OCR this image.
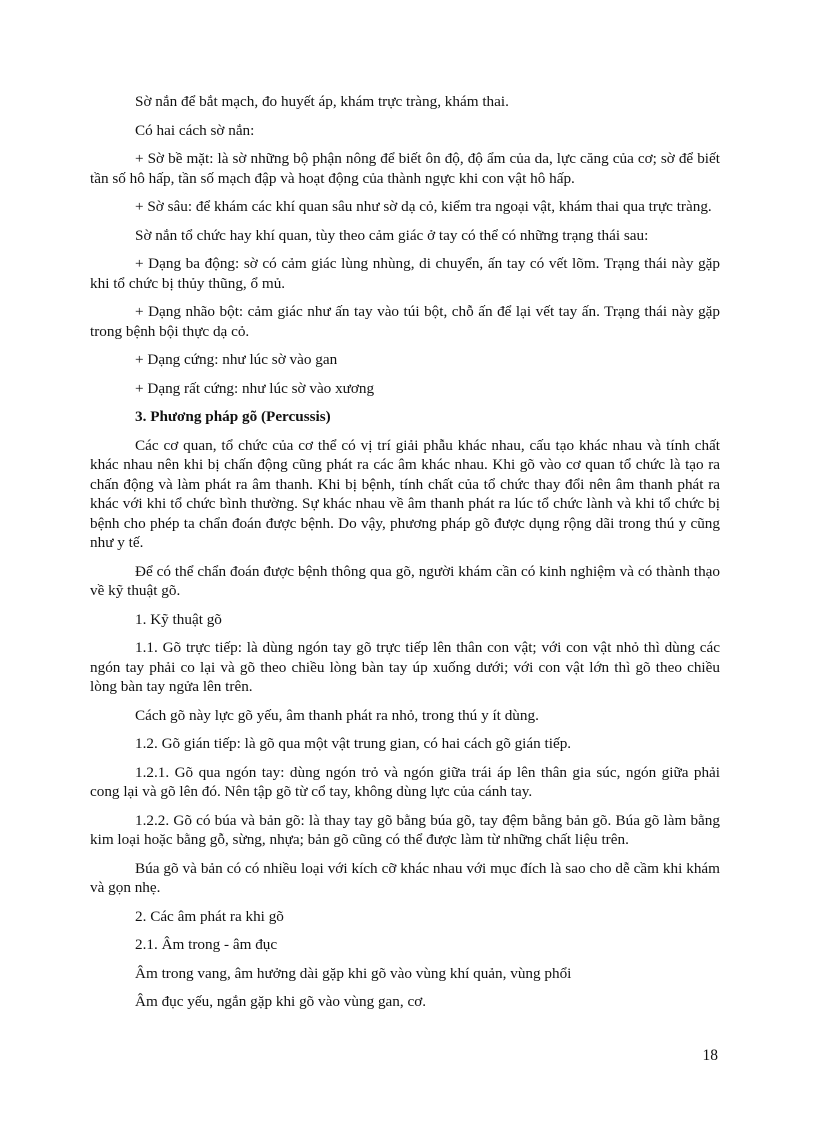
Sờ nắn để bắt mạch, đo huyết áp, khám trực tràng, khám thai.

Có hai cách sờ nắn:

+ Sờ bề mặt: là sờ những bộ phận nông để biết ôn độ, độ ẩm của da, lực căng của cơ; sờ để biết tần số hô hấp, tần số mạch đập và hoạt động của thành ngực khi con vật hô hấp.

+ Sờ sâu: để khám các khí quan sâu như sờ dạ cỏ, kiểm tra ngoại vật, khám thai qua trực tràng.

Sờ nắn tổ chức hay khí quan, tùy theo cảm giác ở tay có thể có những trạng thái sau:

+ Dạng ba động: sờ có cảm giác lùng nhùng, di chuyển, ấn tay có vết lõm. Trạng thái này gặp khi tổ chức bị thủy thũng, ổ mủ.

+ Dạng nhão bột: cảm giác như ấn tay vào túi bột, chỗ ấn để lại vết tay ấn. Trạng thái này gặp trong bệnh bội thực dạ cỏ.

+ Dạng cứng: như lúc sờ vào gan

+ Dạng rất cứng: như lúc sờ vào xương

3. Phương pháp gõ (Percussis)

Các cơ quan, tổ chức của cơ thể có vị trí giải phẫu khác nhau, cấu tạo khác nhau và tính chất khác nhau nên khi bị chấn động cũng phát ra các âm khác nhau. Khi gõ vào cơ quan tổ chức là tạo ra chấn động và làm phát ra âm thanh. Khi bị bệnh, tính chất của tổ chức thay đổi nên âm thanh phát ra khác với khi tổ chức bình thường. Sự khác nhau về âm thanh phát ra lúc tổ chức lành và khi tổ chức bị bệnh cho phép ta chẩn đoán được bệnh. Do vậy, phương pháp gõ được dụng rộng dãi trong thú y cũng như y tế.

Để có thể chẩn đoán được bệnh thông qua gõ, người khám cần có kinh nghiệm và có thành thạo về kỹ thuật gõ.

1. Kỹ thuật gõ

1.1. Gõ trực tiếp: là dùng ngón tay gõ trực tiếp lên thân con vật; với con vật nhỏ thì dùng các ngón tay phải co lại và gõ theo chiều lòng bàn tay úp xuống dưới; với con vật lớn thì gõ theo chiều lòng bàn tay ngửa lên trên.

Cách gõ này lực gõ yếu, âm thanh phát ra nhỏ, trong thú y ít dùng.

1.2. Gõ gián tiếp: là gõ qua một vật trung gian, có hai cách gõ gián tiếp.

1.2.1. Gõ qua ngón tay: dùng ngón trỏ và ngón giữa trái áp lên thân gia súc, ngón giữa phải cong lại và gõ lên đó. Nên tập gõ từ cổ tay, không dùng lực của cánh tay.

1.2.2. Gõ có búa và bản gõ: là thay tay gõ bằng búa gõ, tay đệm bằng bản gõ. Búa gõ làm bằng kim loại hoặc bằng gỗ, sừng, nhựa; bản gõ cũng có thể được làm từ những chất liệu trên.

Búa gõ và bản có có nhiều loại với kích cỡ khác nhau với mục đích là sao cho dễ cầm khi khám và gọn nhẹ.

2. Các âm phát ra khi gõ

2.1. Âm trong - âm đục

Âm trong vang, âm hưởng dài gặp khi gõ vào vùng khí quản, vùng phổi

Âm đục yếu, ngắn gặp khi gõ vào vùng gan, cơ.

18
